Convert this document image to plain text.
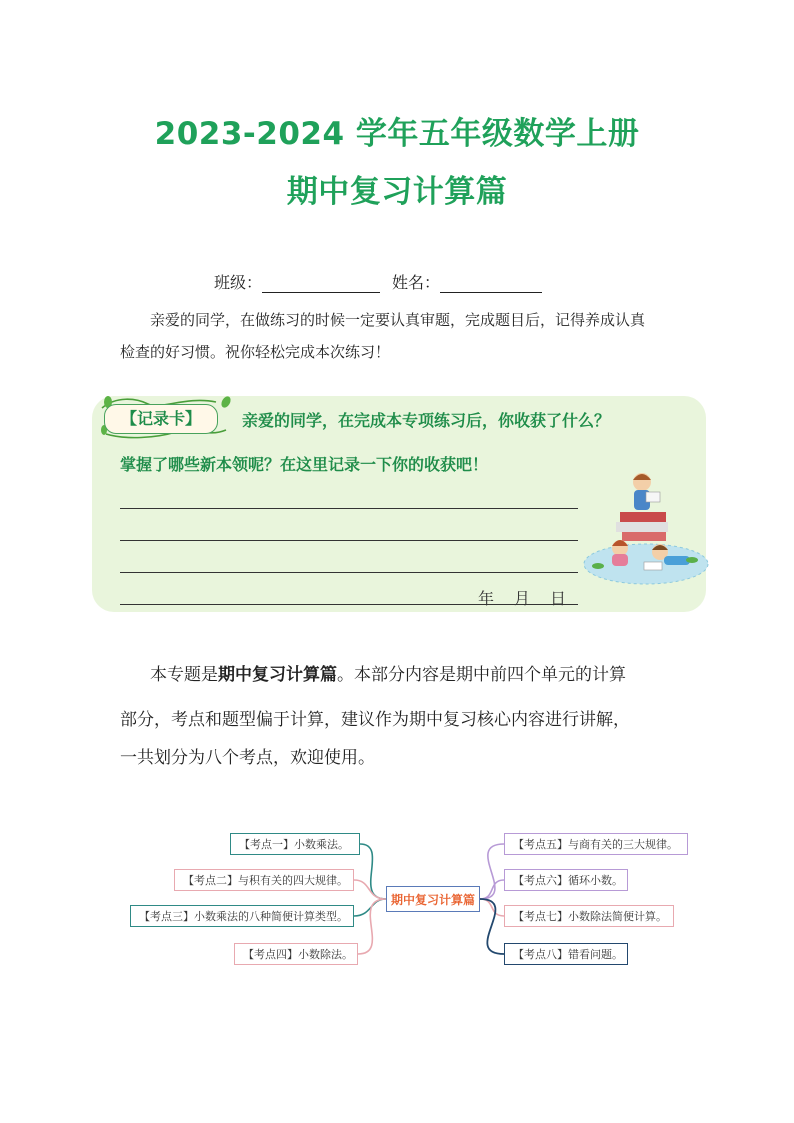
2023-2024 学年五年级数学上册
期中复习计算篇
班级：	姓名：
亲爱的同学，在做练习的时候一定要认真审题，完成题目后，记得养成认真
检查的好习惯。祝你轻松完成本次练习！
【记录卡】	亲爱的同学，在完成本专项练习后，你收获了什么？
掌握了哪些新本领呢？在这里记录一下你的收获吧！
年 月 日
本专题是期中复习计算篇。本部分内容是期中前四个单元的计算
部分，考点和题型偏于计算，建议作为期中复习核心内容进行讲解，
一共划分为八个考点，欢迎使用。
期中复习计算篇
【考点一】小数乘法。
【考点二】与积有关的四大规律。
【考点三】小数乘法的八种简便计算类型。
【考点四】小数除法。
【考点五】与商有关的三大规律。
【考点六】循环小数。
【考点七】小数除法简便计算。
【考点八】错看问题。
